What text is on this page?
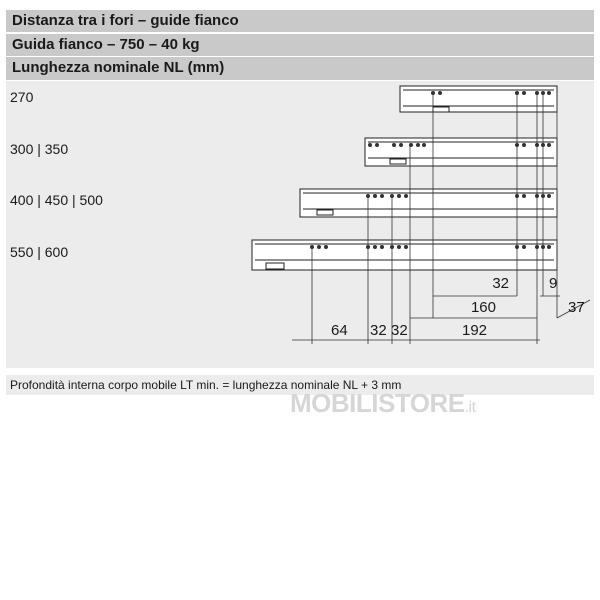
Distanza tra i fori – guide fianco
Guida fianco – 750 – 40 kg
Lunghezza nominale NL (mm)
270
300 | 350
400 | 450 | 500
550 | 600
32	9
160	37
64 32 32	192
Profondità interna corpo mobile LT min. = lunghezza nominale NL + 3 mm
MOBILISTORE.it
